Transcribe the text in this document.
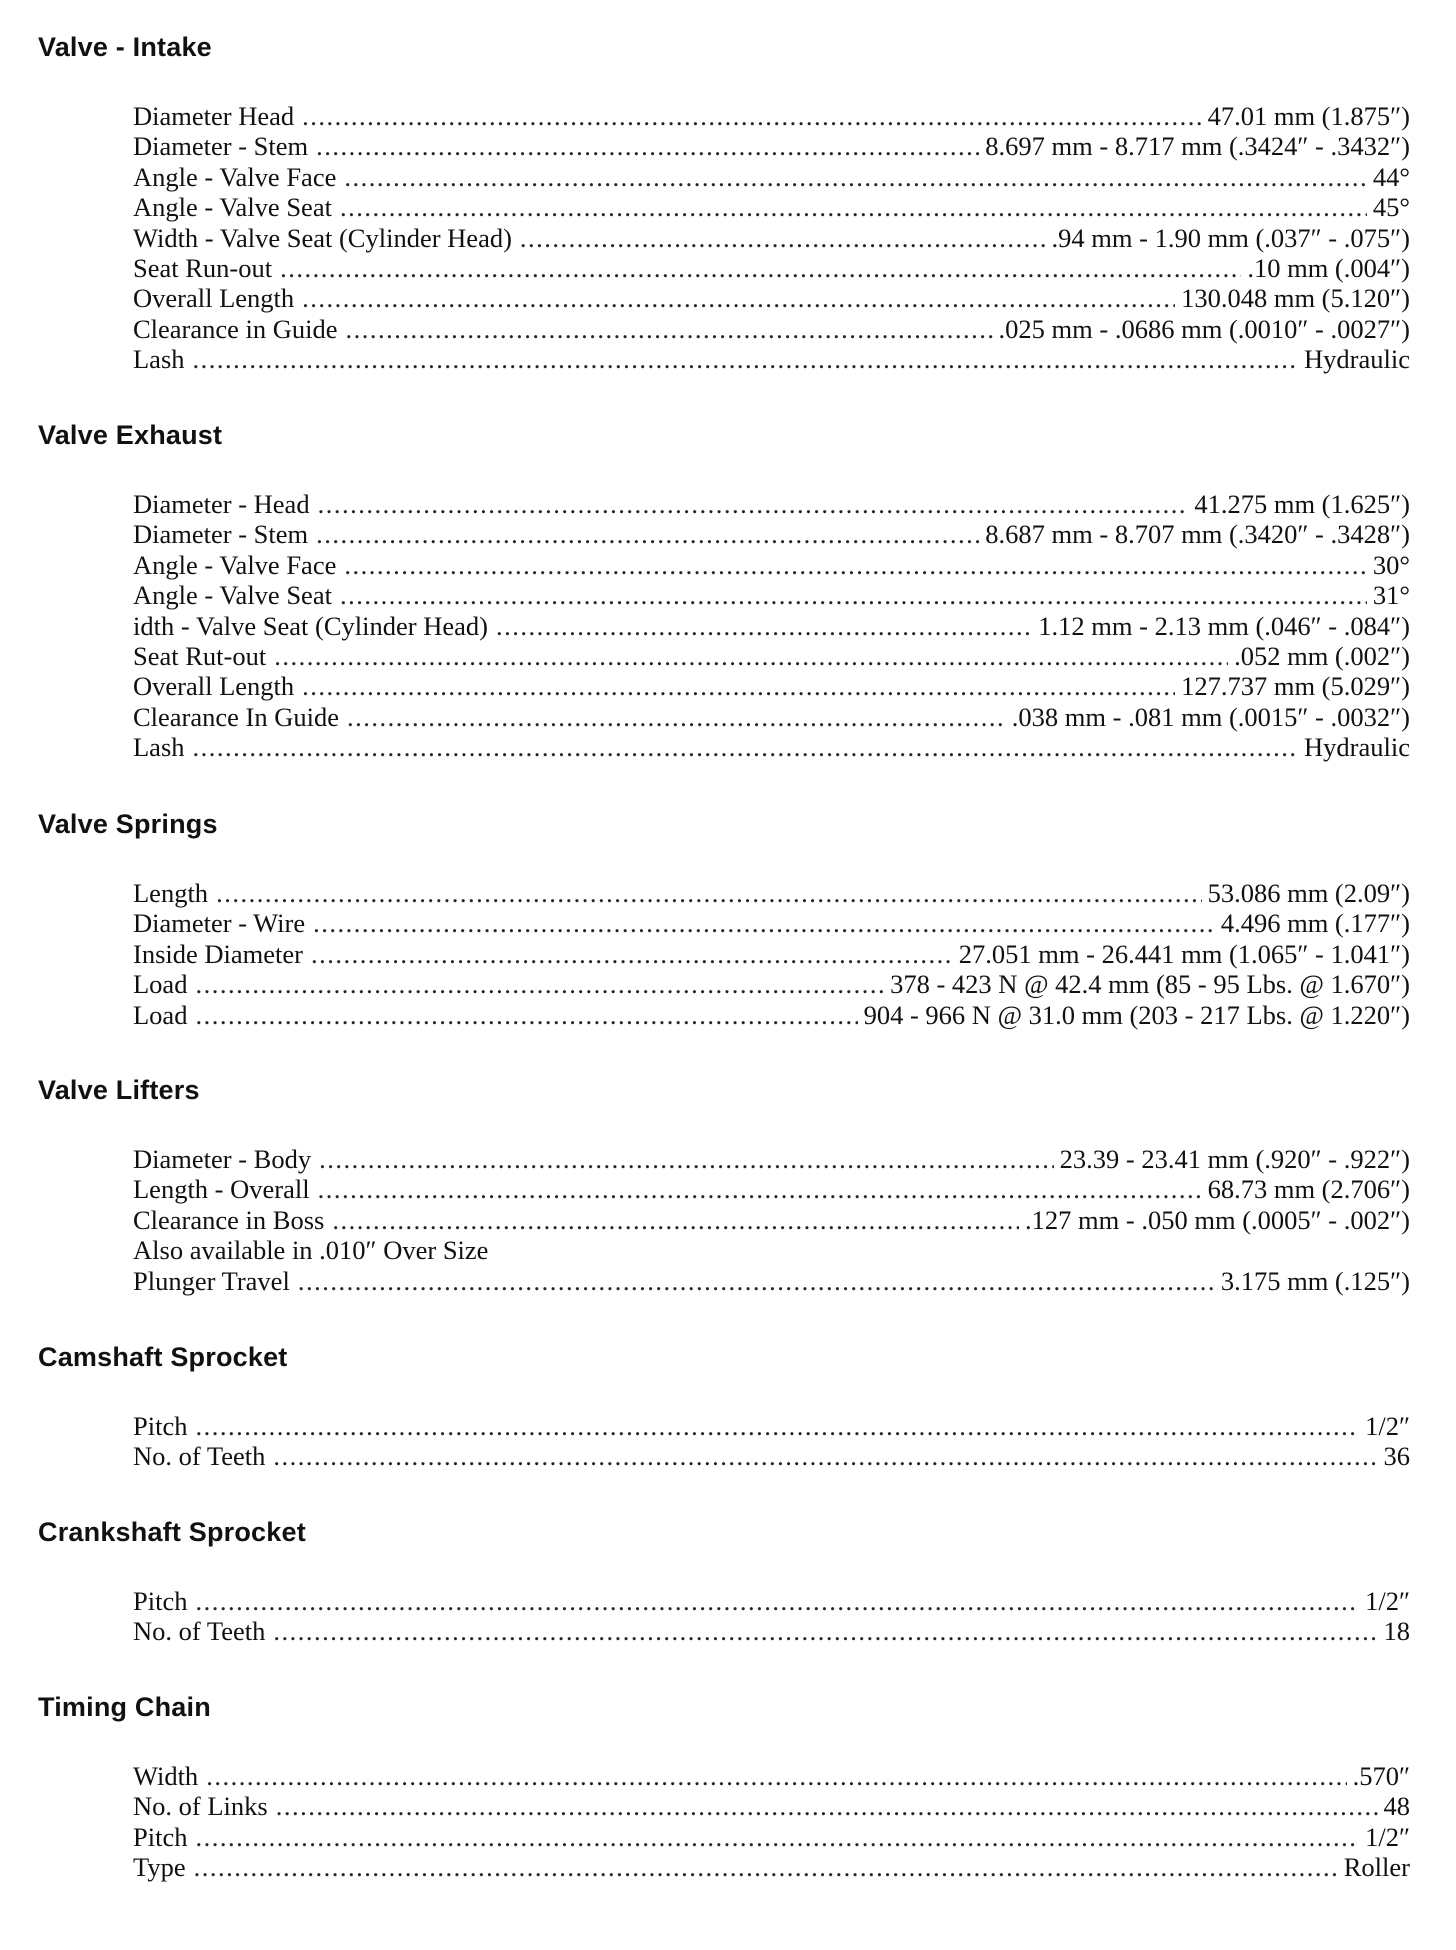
Valve - Intake
Diameter Head .....	47.01 mm (1.875″)
Diameter - Stem .....	8.697 mm - 8.717 mm (.3424″ - .3432″)
Angle - Valve Face .....	44°
Angle - Valve Seat .....	45°
Width - Valve Seat (Cylinder Head) .....	.94 mm - 1.90 mm (.037″ - .075″)
Seat Run-out .....	.10 mm (.004″)
Overall Length .....	130.048 mm (5.120″)
Clearance in Guide .....	.025 mm - .0686 mm (.0010″ - .0027″)
Lash .....	Hydraulic
Valve Exhaust
Diameter - Head .....	41.275 mm (1.625″)
Diameter - Stem .....	8.687 mm - 8.707 mm (.3420″ - .3428″)
Angle - Valve Face .....	30°
Angle - Valve Seat .....	31°
idth - Valve Seat (Cylinder Head) .....	1.12 mm - 2.13 mm (.046″ - .084″)
Seat Rut-out .....	.052 mm (.002″)
Overall Length .....	127.737 mm (5.029″)
Clearance In Guide .....	.038 mm - .081 mm (.0015″ - .0032″)
Lash .....	Hydraulic
Valve Springs
Length .....	53.086 mm (2.09″)
Diameter - Wire .....	4.496 mm (.177″)
Inside Diameter .....	27.051 mm - 26.441 mm (1.065″ - 1.041″)
Load .....	378 - 423 N @ 42.4 mm (85 - 95 Lbs. @ 1.670″)
Load .....	904 - 966 N @ 31.0 mm (203 - 217 Lbs. @ 1.220″)
Valve Lifters
Diameter - Body .....	23.39 - 23.41 mm (.920″ - .922″)
Length - Overall .....	68.73 mm (2.706″)
Clearance in Boss .....	.127 mm - .050 mm (.0005″ - .002″)
Also available in .010″ Over Size
Plunger Travel .....	3.175 mm (.125″)
Camshaft Sprocket
Pitch .....	1/2″
No. of Teeth .....	36
Crankshaft Sprocket
Pitch .....	1/2″
No. of Teeth .....	18
Timing Chain
Width .....	.570″
No. of Links .....	48
Pitch .....	1/2″
Type .....	Roller
